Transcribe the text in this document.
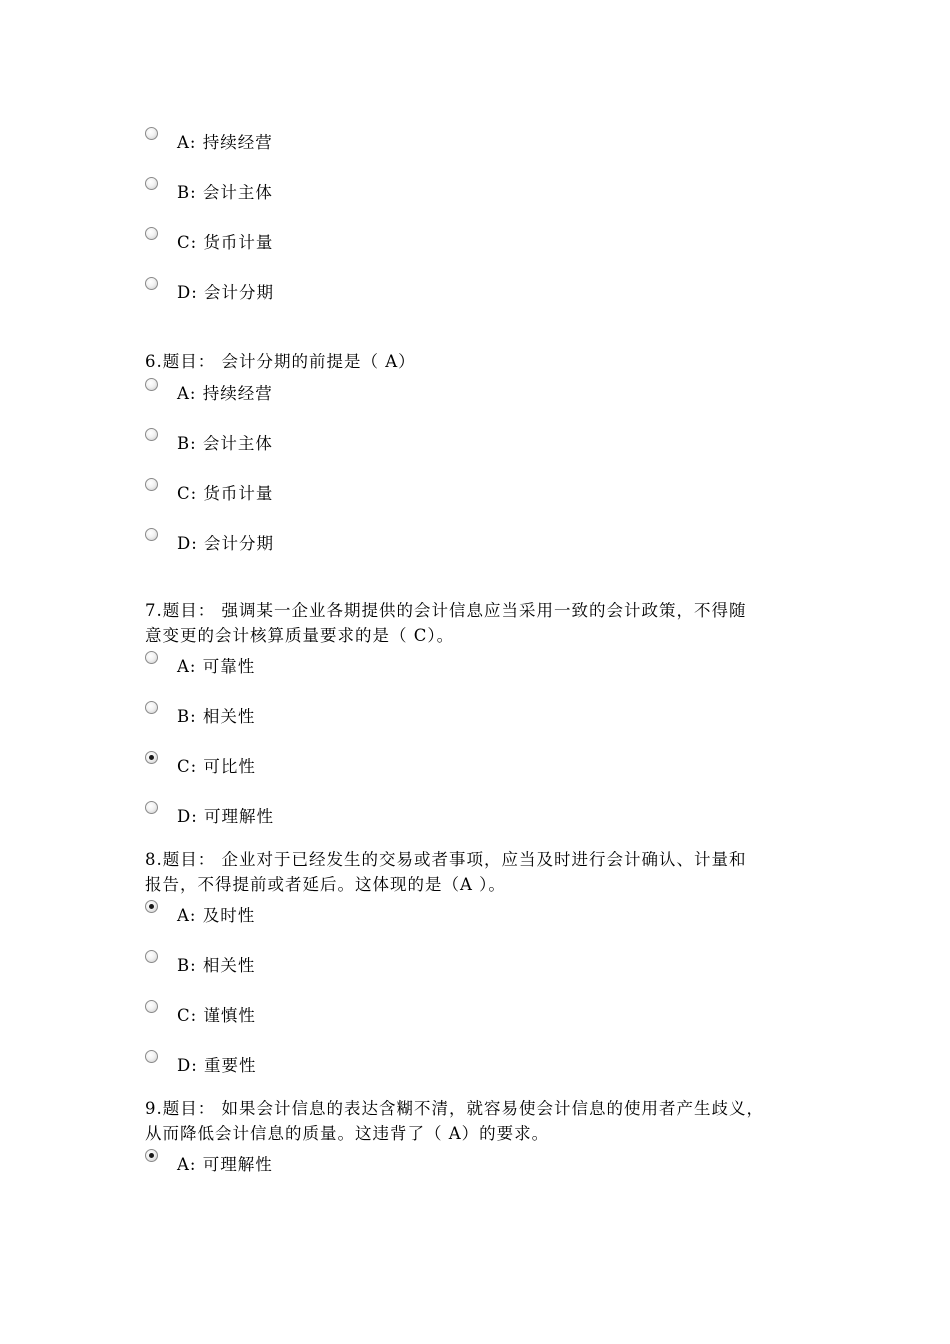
A: 持续经营
B: 会计主体
C: 货币计量
D: 会计分期
6.题目： 会计分期的前提是（ A）
A: 持续经营
B: 会计主体
C: 货币计量
D: 会计分期
7.题目： 强调某一企业各期提供的会计信息应当采用一致的会计政策，不得随
意变更的会计核算质量要求的是（ C）。
A: 可靠性
B: 相关性
C: 可比性
D: 可理解性
8.题目： 企业对于已经发生的交易或者事项，应当及时进行会计确认、计量和
报告，不得提前或者延后。这体现的是（A ）。
A: 及时性
B: 相关性
C: 谨慎性
D: 重要性
9.题目： 如果会计信息的表达含糊不清，就容易使会计信息的使用者产生歧义，
从而降低会计信息的质量。这违背了（ A）的要求。
A: 可理解性
